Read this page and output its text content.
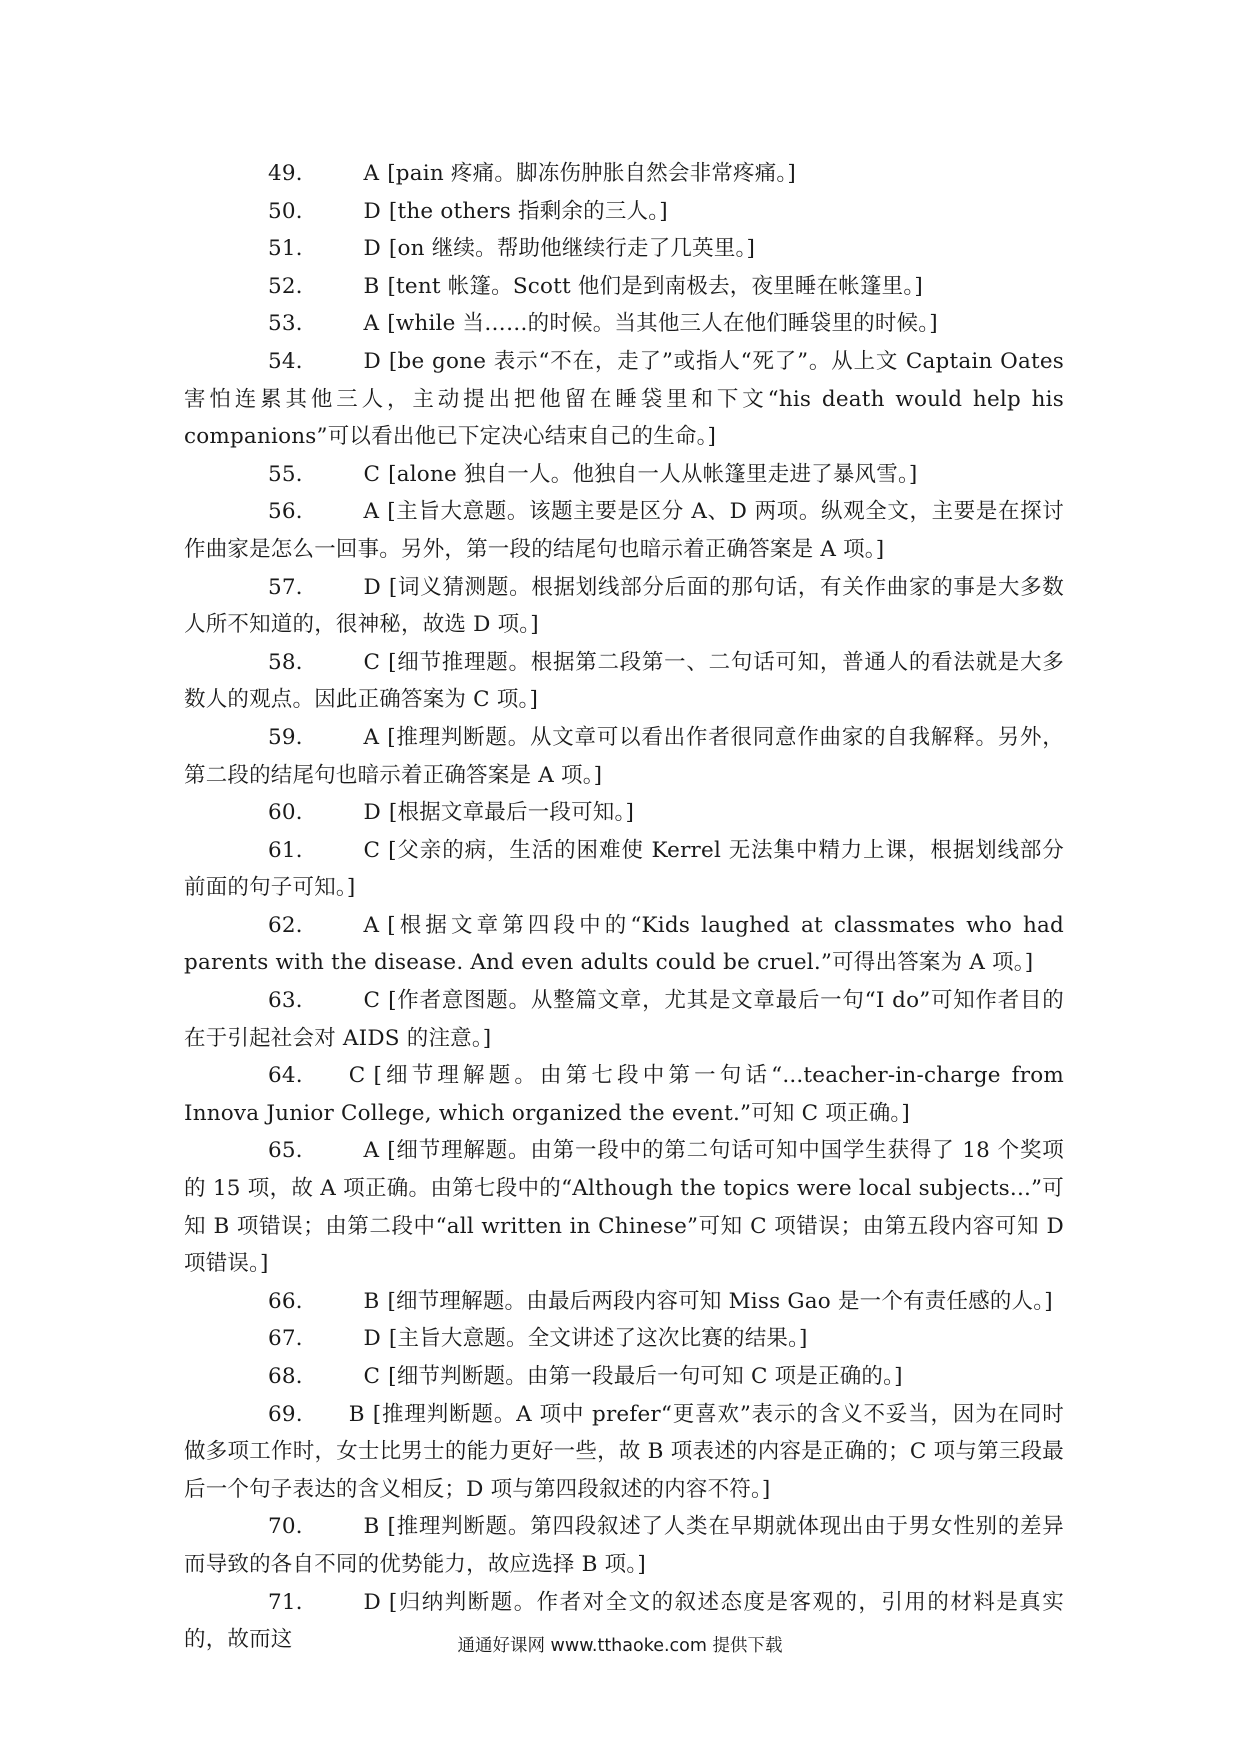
49． A [pain 疼痛。脚冻伤肿胀自然会非常疼痛。]
50． D [the others 指剩余的三人。]
51． D [on 继续。帮助他继续行走了几英里。]
52． B [tent 帐篷。Scott 他们是到南极去，夜里睡在帐篷里。]
53． A [while 当……的时候。当其他三人在他们睡袋里的时候。]
54． D [be gone 表示“不在，走了”或指人“死了”。从上文 Captain Oates 害怕连累其他三人，主动提出把他留在睡袋里和下文“his death would help his companions”可以看出他已下定决心结束自己的生命。]
55． C [alone 独自一人。他独自一人从帐篷里走进了暴风雪。]
56． A [主旨大意题。该题主要是区分 A、D 两项。纵观全文，主要是在探讨作曲家是怎么一回事。另外，第一段的结尾句也暗示着正确答案是 A 项。]
57． D [词义猜测题。根据划线部分后面的那句话，有关作曲家的事是大多数人所不知道的，很神秘，故选 D 项。]
58． C [细节推理题。根据第二段第一、二句话可知，普通人的看法就是大多数人的观点。因此正确答案为 C 项。]
59． A [推理判断题。从文章可以看出作者很同意作曲家的自我解释。另外，第二段的结尾句也暗示着正确答案是 A 项。]
60． D [根据文章最后一段可知。]
61． C [父亲的病，生活的困难使 Kerrel 无法集中精力上课，根据划线部分前面的句子可知。]
62． A [根据文章第四段中的“Kids laughed at classmates who had parents with the disease. And even adults could be cruel.”可得出答案为 A 项。]
63． C [作者意图题。从整篇文章，尤其是文章最后一句“I do”可知作者目的在于引起社会对 AIDS 的注意。]
64. C [细节理解题。由第七段中第一句话“...teacher-in-charge from Innova Junior College, which organized the event.”可知 C 项正确。]
65． A [细节理解题。由第一段中的第二句话可知中国学生获得了 18 个奖项的 15 项，故 A 项正确。由第七段中的“Although the topics were local subjects...”可知 B 项错误；由第二段中“all written in Chinese”可知 C 项错误；由第五段内容可知 D 项错误。]
66． B [细节理解题。由最后两段内容可知 Miss Gao 是一个有责任感的人。]
67． D [主旨大意题。全文讲述了这次比赛的结果。]
68． C [细节判断题。由第一段最后一句可知 C 项是正确的。]
69. B [推理判断题。A 项中 prefer“更喜欢”表示的含义不妥当，因为在同时做多项工作时，女士比男士的能力更好一些，故 B 项表述的内容是正确的；C 项与第三段最后一个句子表达的含义相反；D 项与第四段叙述的内容不符。]
70． B [推理判断题。第四段叙述了人类在早期就体现出由于男女性别的差异而导致的各自不同的优势能力，故应选择 B 项。]
71． D [归纳判断题。作者对全文的叙述态度是客观的，引用的材料是真实的，故而这	通通好课网 www.tthaoke.com 提供下载
